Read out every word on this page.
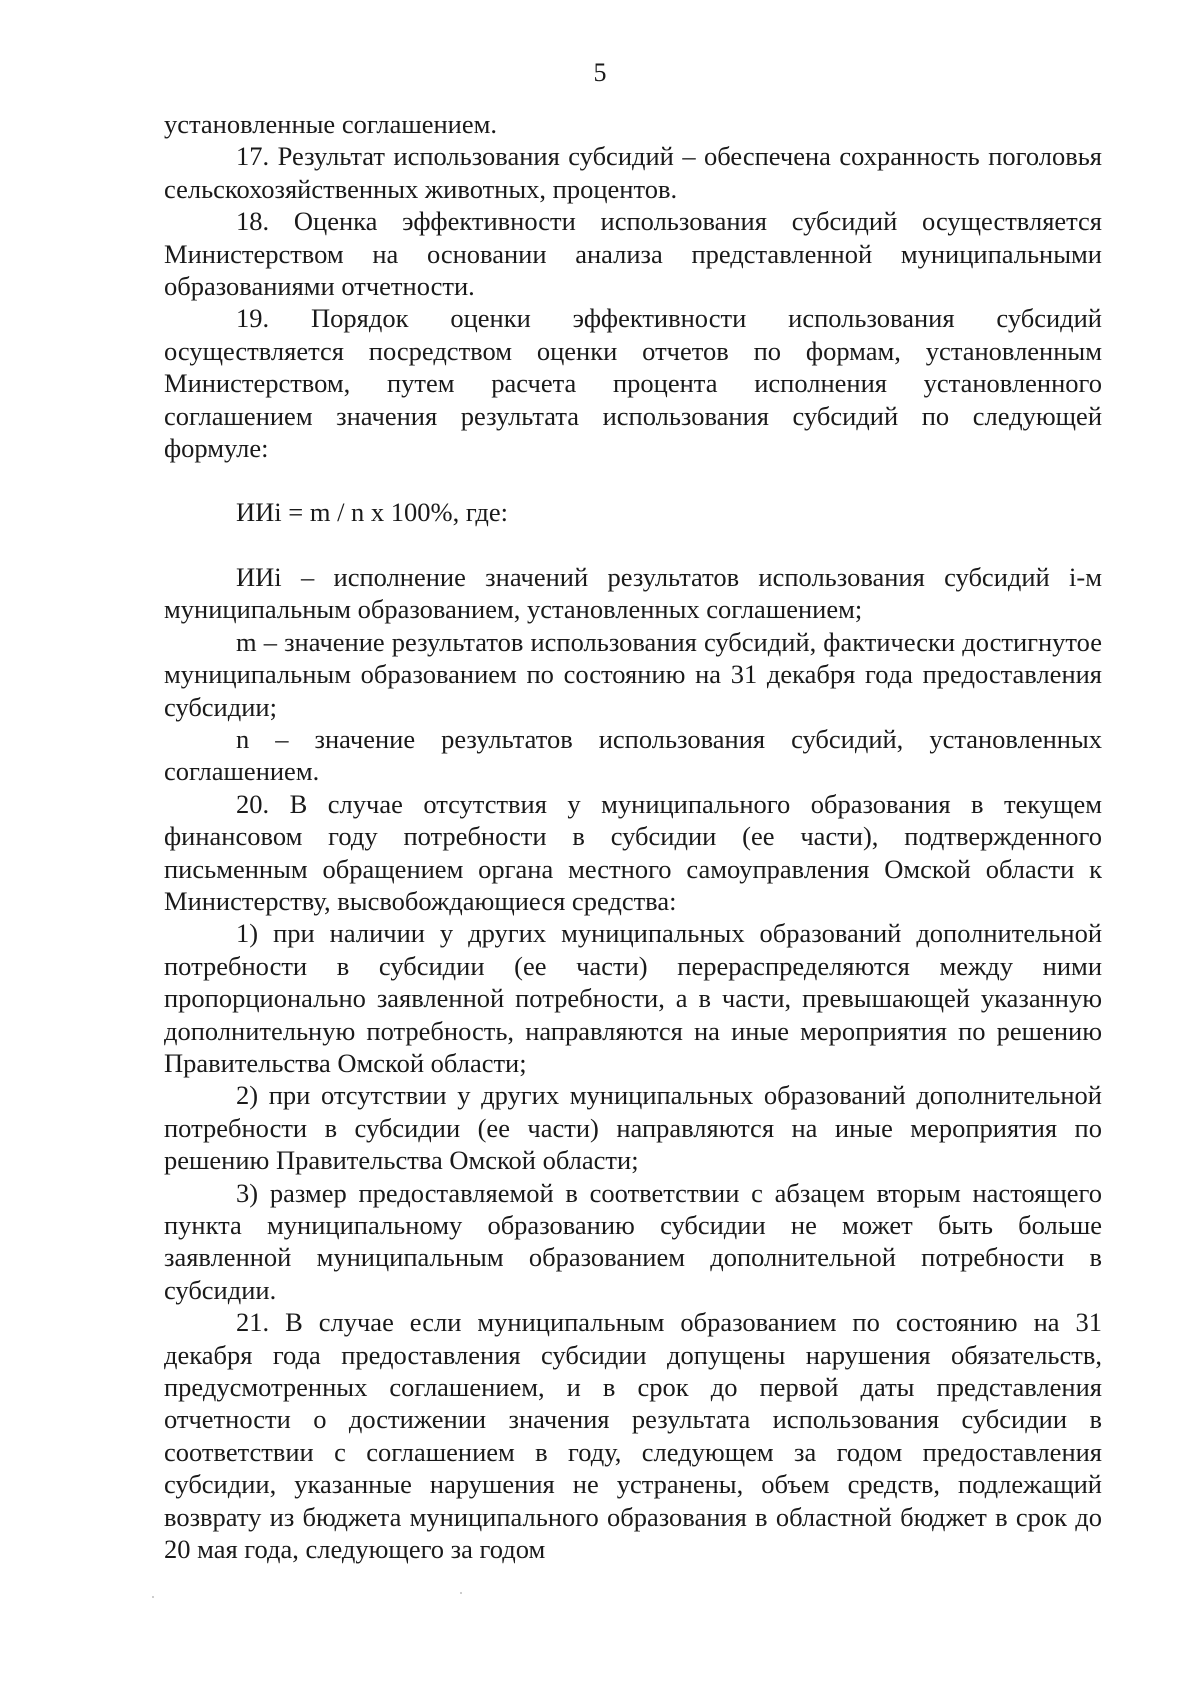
5

установленные соглашением.

17. Результат использования субсидий – обеспечена сохранность поголовья сельскохозяйственных животных, процентов.

18. Оценка эффективности использования субсидий осуществляется Министерством на основании анализа представленной муниципальными образованиями отчетности.

19. Порядок оценки эффективности использования субсидий осуществляется посредством оценки отчетов по формам, установленным Министерством, путем расчета процента исполнения установленного соглашением значения результата использования субсидий по следующей формуле:

ИИi = m / n x 100%, где:

ИИi – исполнение значений результатов использования субсидий i-м муниципальным образованием, установленных соглашением;

m – значение результатов использования субсидий, фактически достигнутое муниципальным образованием по состоянию на 31 декабря года предоставления субсидии;

n – значение результатов использования субсидий, установленных соглашением.

20. В случае отсутствия у муниципального образования в текущем финансовом году потребности в субсидии (ее части), подтвержденного письменным обращением органа местного самоуправления Омской области к Министерству, высвобождающиеся средства:

1) при наличии у других муниципальных образований дополнительной потребности в субсидии (ее части) перераспределяются между ними пропорционально заявленной потребности, а в части, превышающей указанную дополнительную потребность, направляются на иные мероприятия по решению Правительства Омской области;

2) при отсутствии у других муниципальных образований дополнительной потребности в субсидии (ее части) направляются на иные мероприятия по решению Правительства Омской области;

3) размер предоставляемой в соответствии с абзацем вторым настоящего пункта муниципальному образованию субсидии не может быть больше заявленной муниципальным образованием дополнительной потребности в субсидии.

21. В случае если муниципальным образованием по состоянию на 31 декабря года предоставления субсидии допущены нарушения обязательств, предусмотренных соглашением, и в срок до первой даты представления отчетности о достижении значения результата использования субсидии в соответствии с соглашением в году, следующем за годом предоставления субсидии, указанные нарушения не устранены, объем средств, подлежащий возврату из бюджета муниципального образования в областной бюджет в срок до 20 мая года, следующего за годом
